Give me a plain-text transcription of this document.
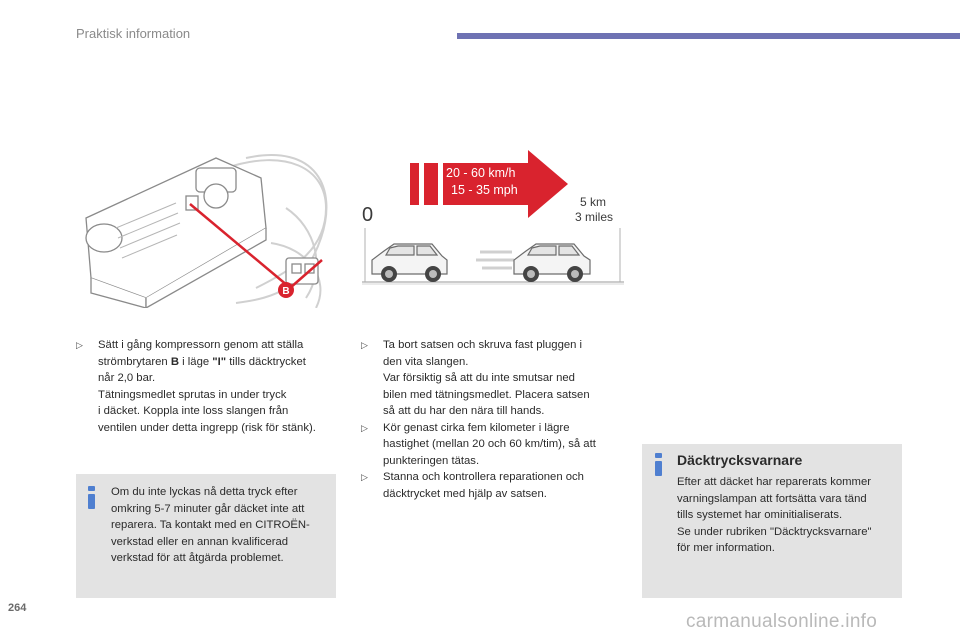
Praktisk information
B
0
20 - 60 km/h
15 - 35 mph
5 km
3 miles
▷ Sätt i gång kompressorn genom att ställa
strömbrytaren B i läge "I" tills däcktrycket
når 2,0 bar.
Tätningsmedlet sprutas in under tryck
i däcket. Koppla inte loss slangen från
ventilen under detta ingrepp (risk för stänk).
Om du inte lyckas nå detta tryck efter
omkring 5-7 minuter går däcket inte att
reparera. Ta kontakt med en CITROËN-
verkstad eller en annan kvalificerad
verkstad för att åtgärda problemet.
▷ Ta bort satsen och skruva fast pluggen i
den vita slangen.
Var försiktig så att du inte smutsar ned
bilen med tätningsmedlet. Placera satsen
så att du har den nära till hands.
▷ Kör genast cirka fem kilometer i lägre
hastighet (mellan 20 och 60 km/tim), så att
punkteringen tätas.
▷ Stanna och kontrollera reparationen och
däcktrycket med hjälp av satsen.
Däcktrycksvarnare
Efter att däcket har reparerats kommer
varningslampan att fortsätta vara tänd
tills systemet har ominitialiserats.
Se under rubriken "Däcktrycksvarnare"
för mer information.
264
carmanualsonline.info
